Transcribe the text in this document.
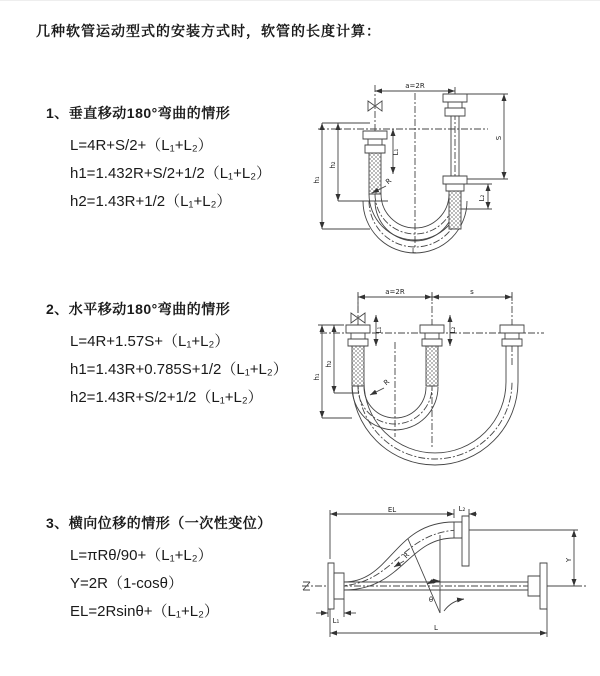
几种软管运动型式的安装方式时，软管的长度计算：
1、垂直移动180°弯曲的情形
L=4R+S/2+（L₁+L₂）
h1=1.432R+S/2+1/2（L₁+L₂）
h2=1.43R+1/2（L₁+L₂）
2、水平移动180°弯曲的情形
L=4R+1.57S+（L₁+L₂）
h1=1.43R+0.785S+1/2（L₁+L₂）
h2=1.43R+S/2+1/2（L₁+L₂）
3、横向位移的情形（一次性变位）
L=πRθ/90+（L₁+L₂）
Y=2R（1-cosθ）
EL=2Rsinθ+（L₁+L₂）
a=2R
S
L₂
L₁
h₂
h₁	R
L
a=2R	s
h₁
h₂
L₁	L₂
R
EL	L₂
Y
R
θ
L₁
L
